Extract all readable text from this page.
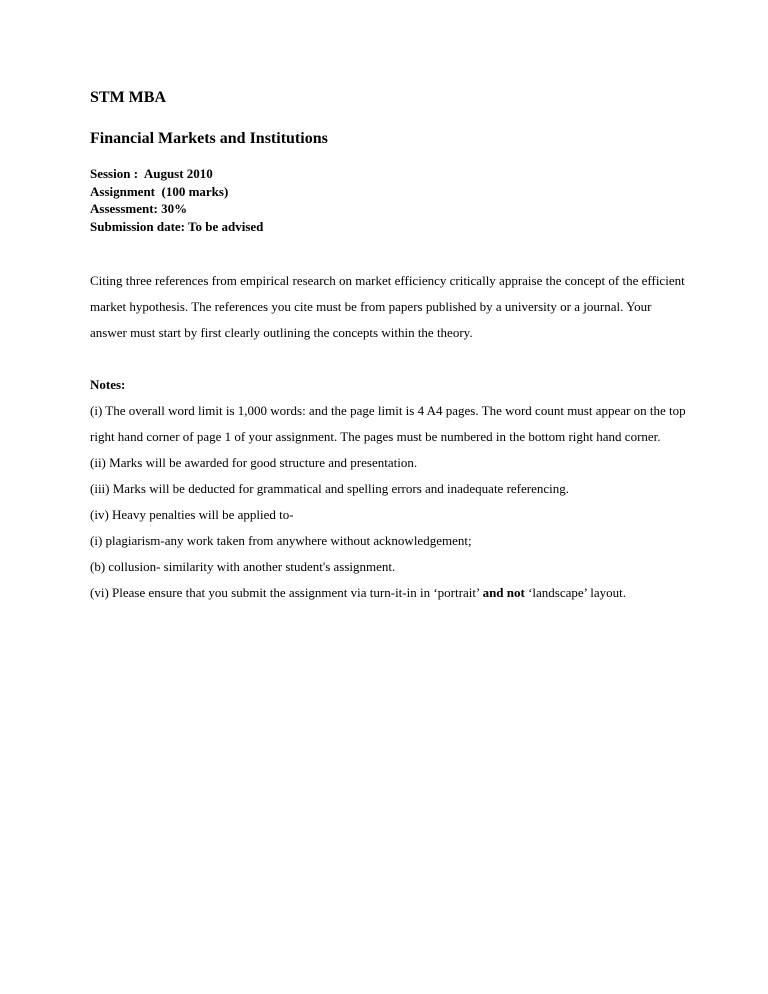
STM MBA

Financial Markets and Institutions

Session :  August 2010
Assignment  (100 marks)
Assessment: 30%
Submission date: To be advised
Citing three references from empirical research on market efficiency critically appraise the concept of the efficient market hypothesis. The references you cite must be from papers published by a university or a journal. Your answer must start by first clearly outlining the concepts within the theory.
Notes:
(i) The overall word limit is 1,000 words: and the page limit is 4 A4 pages. The word count must appear on the top right hand corner of page 1 of your assignment. The pages must be numbered in the bottom right hand corner.
(ii) Marks will be awarded for good structure and presentation.
(iii) Marks will be deducted for grammatical and spelling errors and inadequate referencing.
(iv) Heavy penalties will be applied to-
(i) plagiarism-any work taken from anywhere without acknowledgement;
(b) collusion- similarity with another student's assignment.
(vi) Please ensure that you submit the assignment via turn-it-in in ‘portrait’ and not ‘landscape’ layout.
